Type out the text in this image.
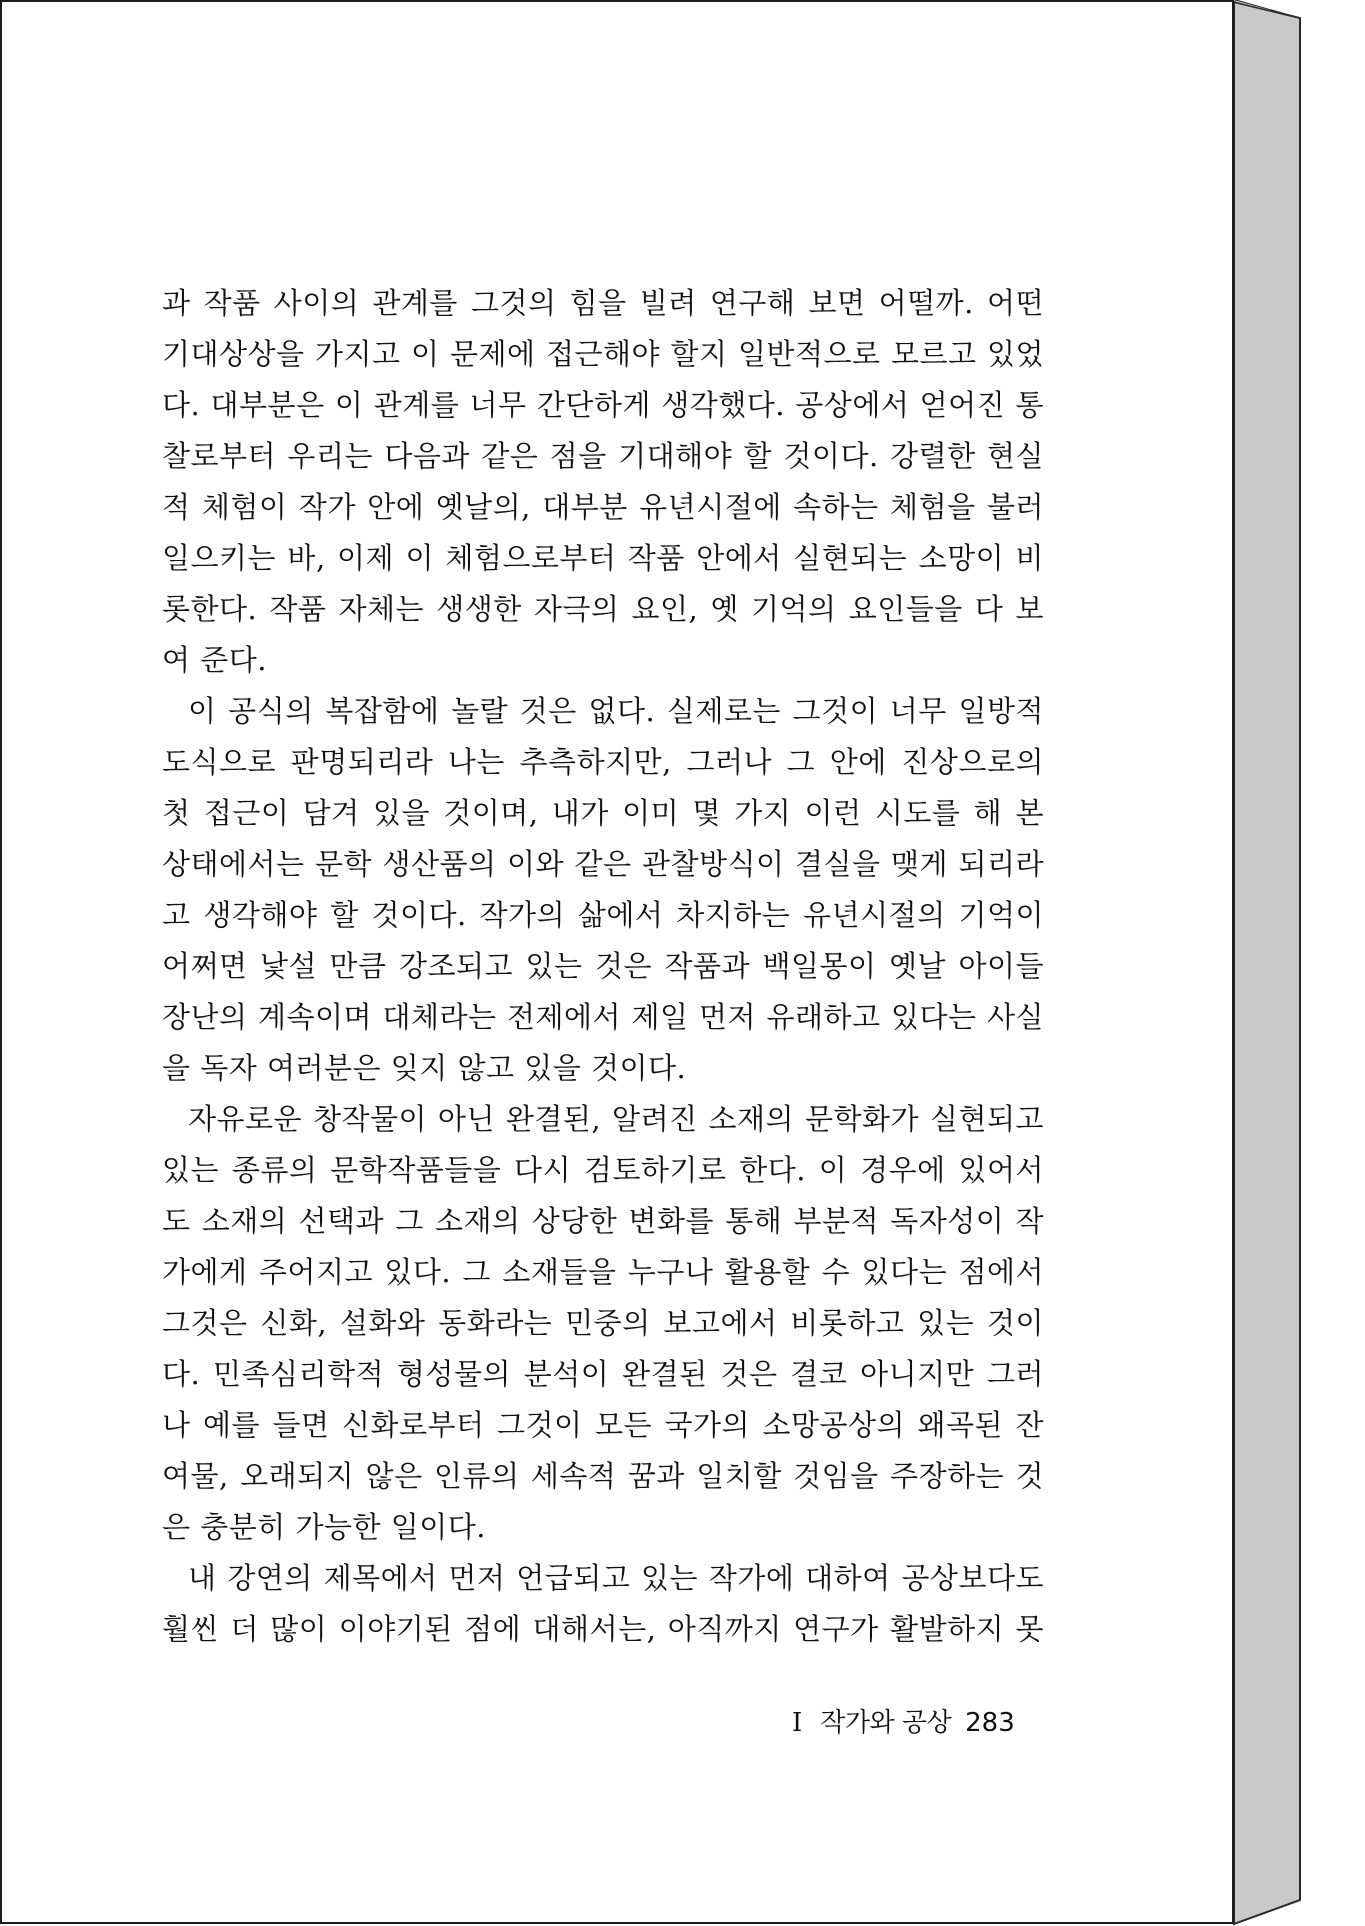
과 작품 사이의 관계를 그것의 힘을 빌려 연구해 보면 어떨까. 어떤
기대상상을 가지고 이 문제에 접근해야 할지 일반적으로 모르고 있었
다. 대부분은 이 관계를 너무 간단하게 생각했다. 공상에서 얻어진 통
찰로부터 우리는 다음과 같은 점을 기대해야 할 것이다. 강렬한 현실
적 체험이 작가 안에 옛날의, 대부분 유년시절에 속하는 체험을 불러
일으키는 바, 이제 이 체험으로부터 작품 안에서 실현되는 소망이 비
롯한다. 작품 자체는 생생한 자극의 요인, 옛 기억의 요인들을 다 보
여 준다.
이 공식의 복잡함에 놀랄 것은 없다. 실제로는 그것이 너무 일방적
도식으로 판명되리라 나는 추측하지만, 그러나 그 안에 진상으로의
첫 접근이 담겨 있을 것이며, 내가 이미 몇 가지 이런 시도를 해 본
상태에서는 문학 생산품의 이와 같은 관찰방식이 결실을 맺게 되리라
고 생각해야 할 것이다. 작가의 삶에서 차지하는 유년시절의 기억이
어쩌면 낯설 만큼 강조되고 있는 것은 작품과 백일몽이 옛날 아이들
장난의 계속이며 대체라는 전제에서 제일 먼저 유래하고 있다는 사실
을 독자 여러분은 잊지 않고 있을 것이다.
자유로운 창작물이 아닌 완결된, 알려진 소재의 문학화가 실현되고
있는 종류의 문학작품들을 다시 검토하기로 한다. 이 경우에 있어서
도 소재의 선택과 그 소재의 상당한 변화를 통해 부분적 독자성이 작
가에게 주어지고 있다. 그 소재들을 누구나 활용할 수 있다는 점에서
그것은 신화, 설화와 동화라는 민중의 보고에서 비롯하고 있는 것이
다. 민족심리학적 형성물의 분석이 완결된 것은 결코 아니지만 그러
나 예를 들면 신화로부터 그것이 모든 국가의 소망공상의 왜곡된 잔
여물, 오래되지 않은 인류의 세속적 꿈과 일치할 것임을 주장하는 것
은 충분히 가능한 일이다.
내 강연의 제목에서 먼저 언급되고 있는 작가에 대하여 공상보다도
훨씬 더 많이 이야기된 점에 대해서는, 아직까지 연구가 활발하지 못
I 작가와 공상 283
